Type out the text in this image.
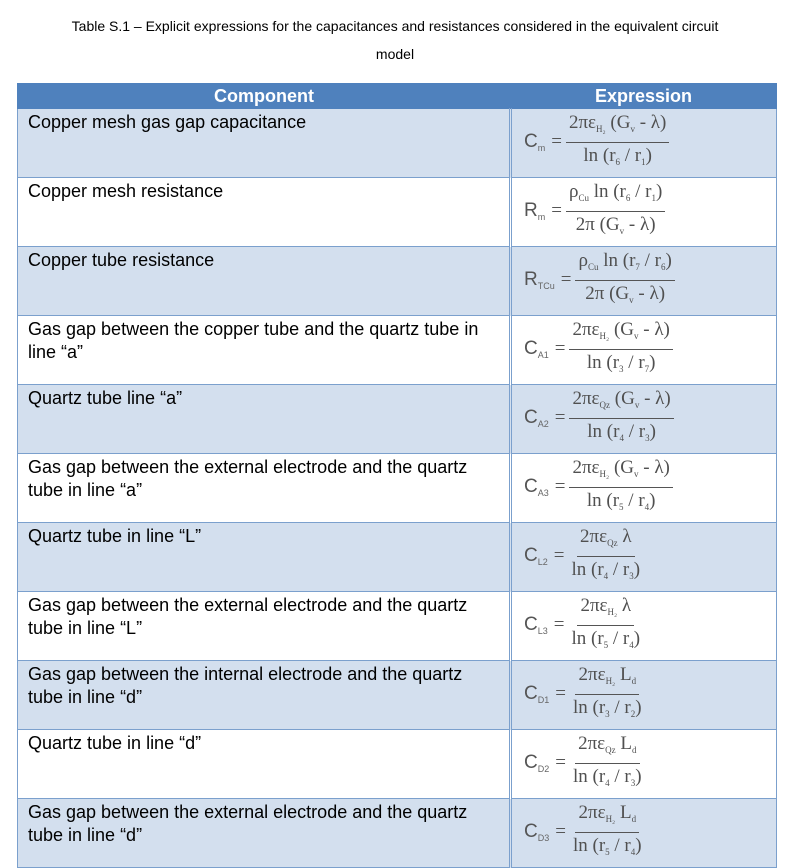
Table S.1 – Explicit expressions for the capacitances and resistances considered in the equivalent circuit
model
Component	Expression
Copper mesh gas gap capacitance	$C_m = \frac{2\pi\varepsilon_{H_2} (G_v - \lambda)}{\ln (r_6 / r_1)}$

Copper mesh resistance	$R_m = \frac{\rho_{Cu} \ln (r_6 / r_1)}{2\pi (G_v - \lambda)}$

Copper tube resistance	$R_{TCu} = \frac{\rho_{Cu} \ln (r_7 / r_6)}{2\pi (G_v - \lambda)}$

Gas gap between the copper tube and the quartz tube in line “a”	$C_{A1} = \frac{2\pi\varepsilon_{H_2} (G_v - \lambda)}{\ln (r_3 / r_7)}$

Quartz tube line “a”	$C_{A2} = \frac{2\pi\varepsilon_{Qz} (G_v - \lambda)}{\ln (r_4 / r_3)}$

Gas gap between the external electrode and the quartz tube in line “a”	$C_{A3} = \frac{2\pi\varepsilon_{H_2} (G_v - \lambda)}{\ln (r_5 / r_4)}$

Quartz tube in line “L”	$C_{L2} = \frac{2\pi\varepsilon_{Qz} \lambda}{\ln (r_4 / r_3)}$

Gas gap between the external electrode and the quartz tube in line “L”	$C_{L3} = \frac{2\pi\varepsilon_{H_2} \lambda}{\ln (r_5 / r_4)}$

Gas gap between the internal electrode and the quartz tube in line “d”	$C_{D1} = \frac{2\pi\varepsilon_{H_2} L_d}{\ln (r_3 / r_2)}$

Quartz tube in line “d”	$C_{D2} = \frac{2\pi\varepsilon_{Qz} L_d}{\ln (r_4 / r_3)}$

Gas gap between the external electrode and the quartz tube in line “d”	$C_{D3} = \frac{2\pi\varepsilon_{H_2} L_d}{\ln (r_5 / r_4)}$
